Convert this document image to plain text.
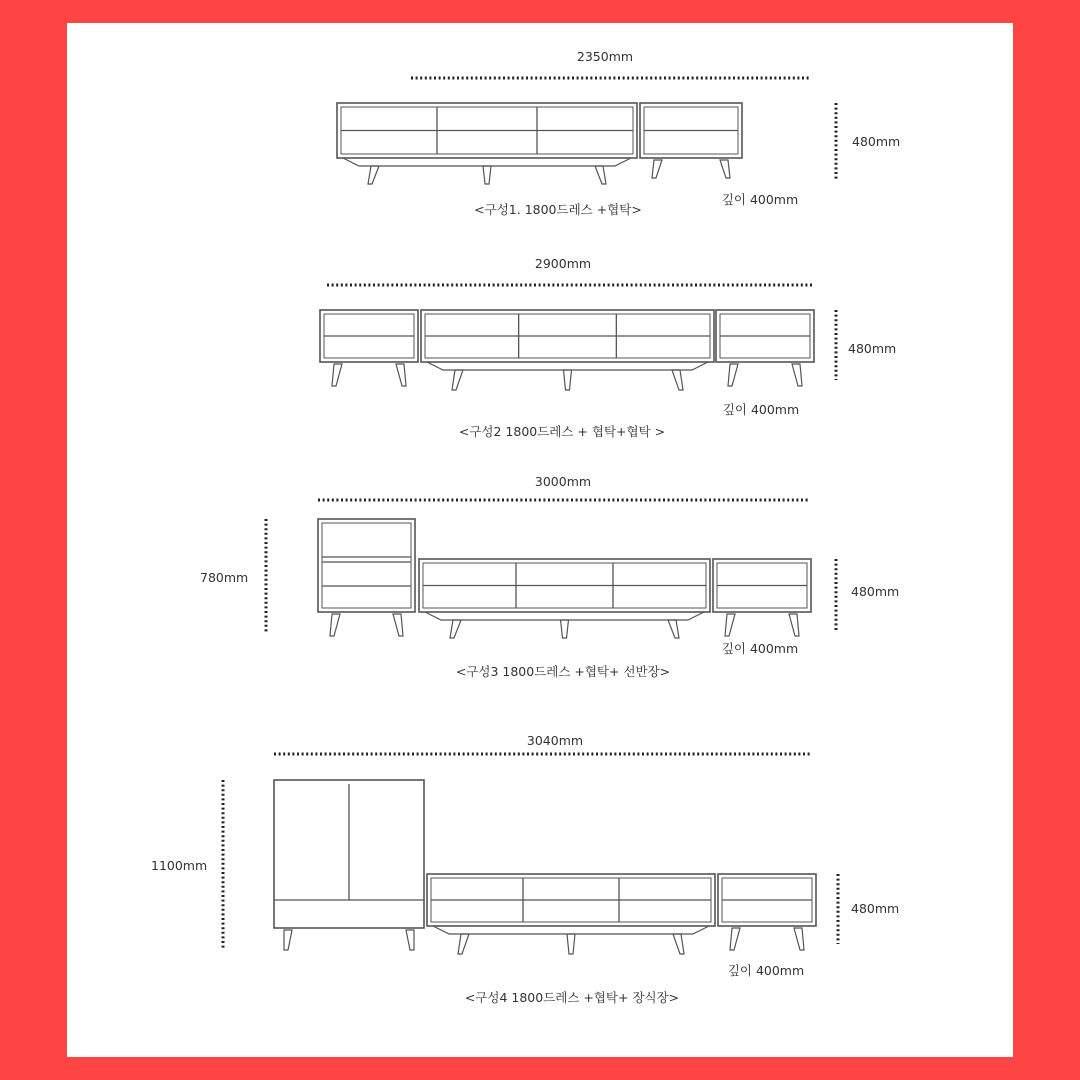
2350mm
480mm
깊이 400mm
<구성1. 1800드레스 +협탁>
2900mm
480mm
깊이 400mm
<구성2 1800드레스 + 협탁+협탁 >
3000mm
780mm
480mm
깊이 400mm
<구성3 1800드레스 +협탁+ 선반장>
3040mm
1100mm
480mm
깊이 400mm
<구성4 1800드레스 +협탁+ 장식장>
